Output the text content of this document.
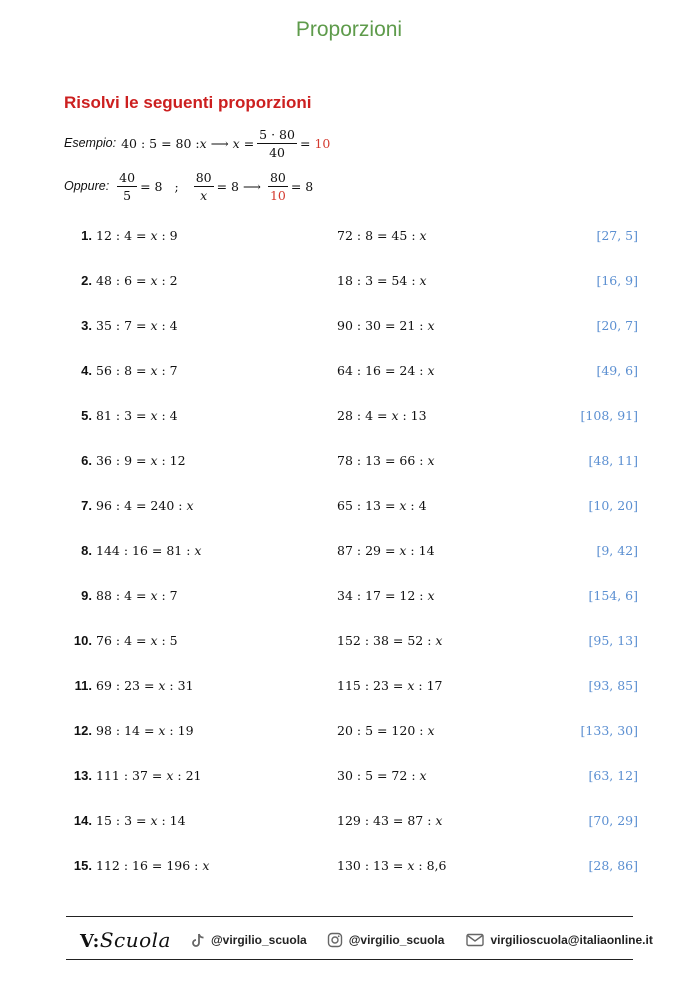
Proporzioni
Risolvi le seguenti proporzioni
Esempio: 40 : 5 = 80 : x ⟶ $x = \frac{5 \cdot 80}{40} = 10$
Oppure: $\frac{40}{5} = 8$ ; $\frac{80}{x} = 8$ ⟶ $\frac{80}{10} = 8$
1. 12 : 4 = x : 9	72 : 8 = 45 : x	[27, 5]
2. 48 : 6 = x : 2	18 : 3 = 54 : x	[16, 9]
3. 35 : 7 = x : 4	90 : 30 = 21 : x	[20, 7]
4. 56 : 8 = x : 7	64 : 16 = 24 : x	[49, 6]
5. 81 : 3 = x : 4	28 : 4 = x : 13	[108, 91]
6. 36 : 9 = x : 12	78 : 13 = 66 : x	[48, 11]
7. 96 : 4 = 240 : x	65 : 13 = x : 4	[10, 20]
8. 144 : 16 = 81 : x	87 : 29 = x : 14	[9, 42]
9. 88 : 4 = x : 7	34 : 17 = 12 : x	[154, 6]
10. 76 : 4 = x : 5	152 : 38 = 52 : x	[95, 13]
11. 69 : 23 = x : 31	115 : 23 = x : 17	[93, 85]
12. 98 : 14 = x : 19	20 : 5 = 120 : x	[133, 30]
13. 111 : 37 = x : 21	30 : 5 = 72 : x	[63, 12]
14. 15 : 3 = x : 14	129 : 43 = 87 : x	[70, 29]
15. 112 : 16 = 196 : x	130 : 13 = x : 8,6	[28, 86]
V:Scuola	@virgilio_scuola	@virgilio_scuola	virgilioscuola@italiaonline.it
